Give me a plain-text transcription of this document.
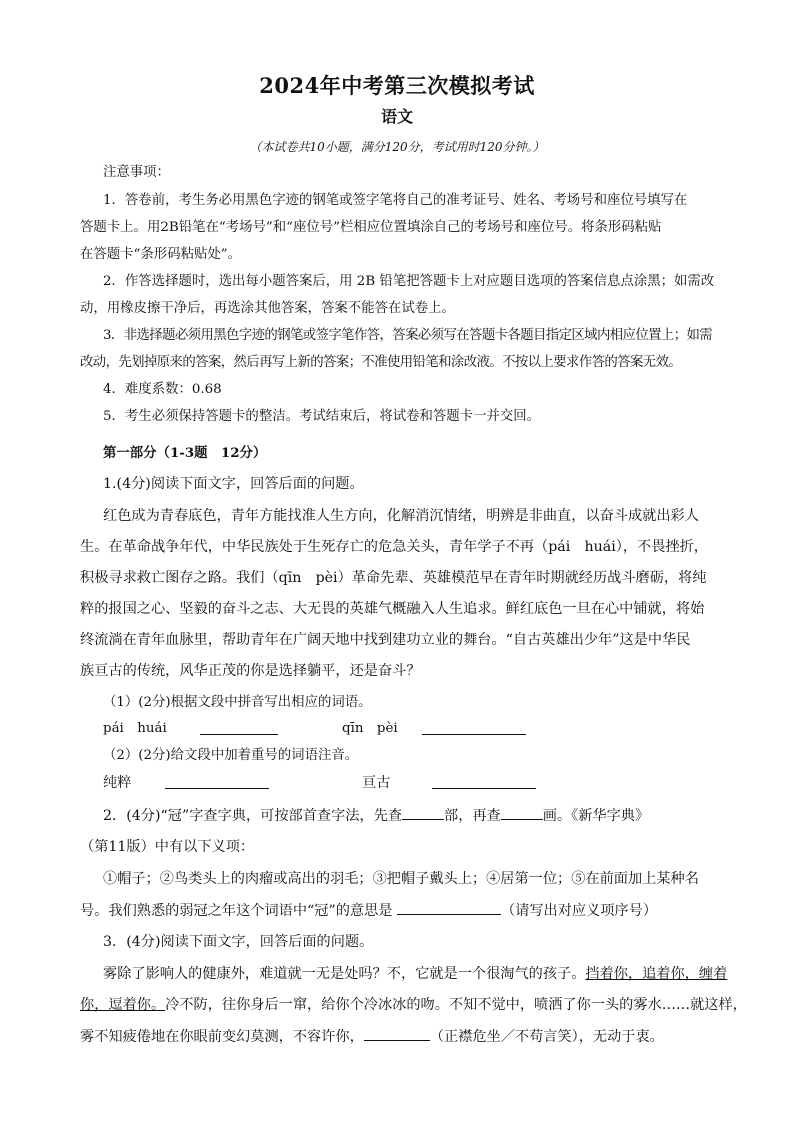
2024年中考第三次模拟考试
语文
（本试卷共10小题，满分120分，考试用时120分钟。）
注意事项：
1．答卷前，考生务必用黑色字迹的钢笔或签字笔将自己的准考证号、姓名、考场号和座位号填写在
答题卡上。用2B铅笔在“考场号”和“座位号”栏相应位置填涂自己的考场号和座位号。将条形码粘贴
在答题卡“条形码粘贴处”。
2．作答选择题时，选出每小题答案后，用 2B 铅笔把答题卡上对应题目选项的答案信息点涂黑；如需改
动，用橡皮擦干净后，再选涂其他答案，答案不能答在试卷上。
3．非选择题必须用黑色字迹的钢笔或签字笔作答，答案必须写在答题卡各题目指定区域内相应位置上；如需
改动，先划掉原来的答案，然后再写上新的答案；不准使用铅笔和涂改液。不按以上要求作答的答案无效。
4．难度系数：0.68
5．考生必须保持答题卡的整洁。考试结束后，将试卷和答题卡一并交回。
第一部分（1-3题　12分）
1.(4分)阅读下面文字，回答后面的问题。
红色成为青春底色，青年方能找准人生方向，化解消沉情绪，明辨是非曲直，以奋斗成就出彩人
生。在革命战争年代，中华民族处于生死存亡的危急关头，青年学子不再（pái　huái），不畏挫折，
积极寻求救亡图存之路。我们（qīn　pèi）革命先辈、英雄模范早在青年时期就经历战斗磨砺，将纯
粹的报国之心、坚毅的奋斗之志、大无畏的英雄气概融入人生追求。鲜红底色一旦在心中铺就，将始
终流淌在青年血脉里，帮助青年在广阔天地中找到建功立业的舞台。“自古英雄出少年”这是中华民
族亘古的传统，风华正茂的你是选择躺平，还是奋斗？
（1）(2分)根据文段中拼音写出相应的词语。
pái　huái	qīn　pèi
（2）(2分)给文段中加着重号的词语注音。
纯粹	亘古
2．(4分)“冠”字查字典，可按部首查字法，先查	部，再查	画。《新华字典》
（第11版）中有以下义项：
①帽子；②鸟类头上的肉瘤或高出的羽毛；③把帽子戴头上；④居第一位；⑤在前面加上某种名
号。我们熟悉的弱冠之年这个词语中“冠”的意思是	（请写出对应义项序号）
3．(4分)阅读下面文字，回答后面的问题。
雾除了影响人的健康外，难道就一无是处吗？不，它就是一个很淘气的孩子。挡着你，追着你，缠着
你，逗着你。冷不防，往你身后一窜，给你个冷冰冰的吻。不知不觉中，喷洒了你一头的雾水……就这样，
雾不知疲倦地在你眼前变幻莫测，不容许你，	（正襟危坐／不苟言笑），无动于衷。
